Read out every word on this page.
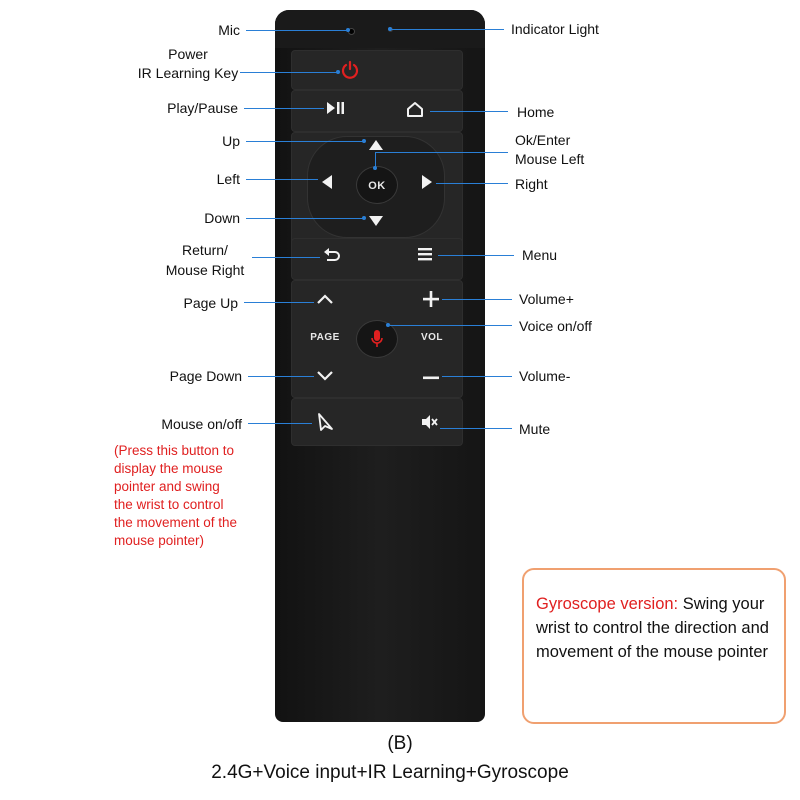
OK
PAGE	VOL
Mic
Power
IR Learning Key
Play/Pause
Up
Left
Down
Return/
Mouse Right
Page Up
Page Down
Mouse on/off
(Press this button to
display the mouse
pointer and swing
the wrist to control
the movement of the
mouse pointer)
Indicator Light
Home
Ok/Enter
Mouse Left
Right
Menu
Volume+
Voice on/off
Volume-
Mute
Gyroscope version: Swing your wrist to control the direction and movement of the mouse pointer
(B)
2.4G+Voice input+IR Learning+Gyroscope
